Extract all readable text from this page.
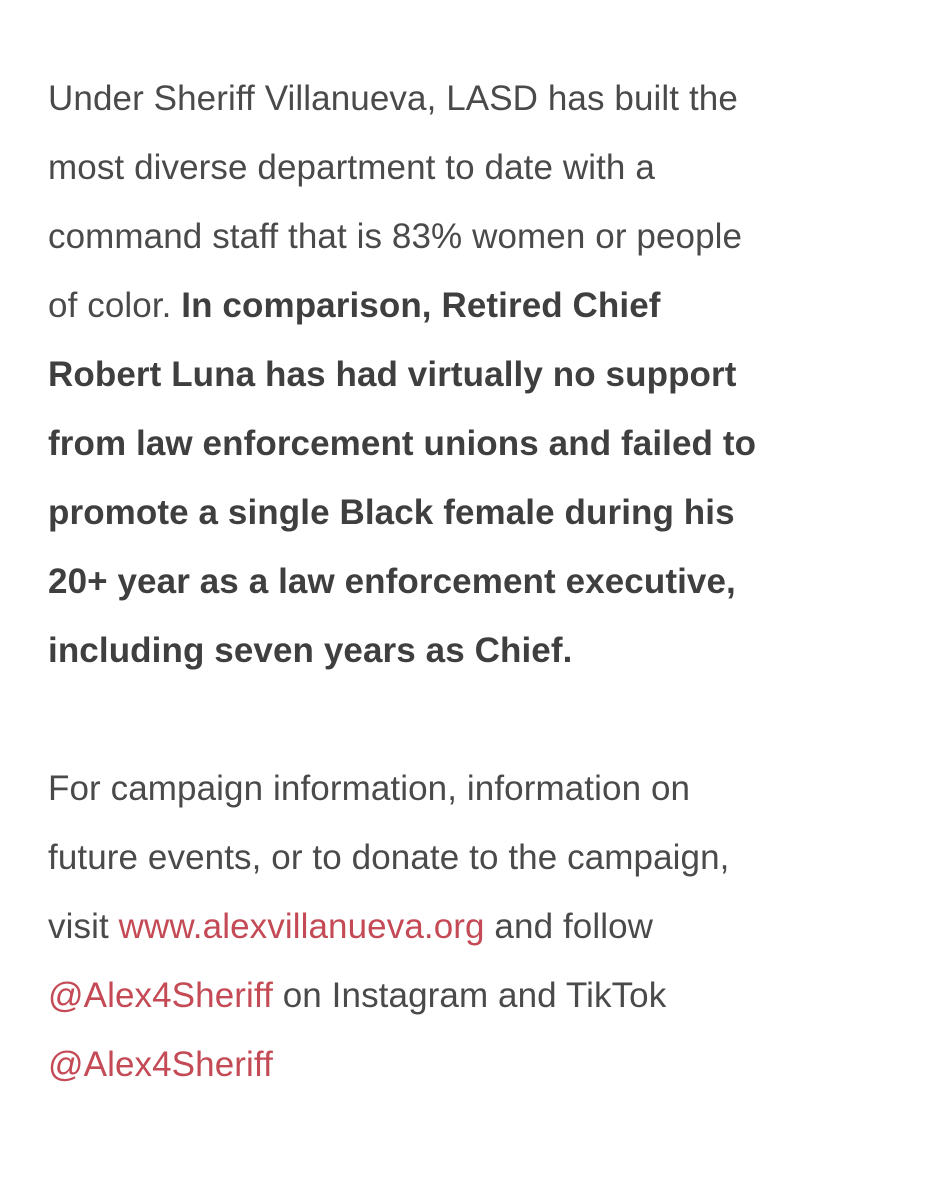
Under Sheriff Villanueva, LASD has built the
most diverse department to date with a
command staff that is 83% women or people
of color. In comparison, Retired Chief
Robert Luna has had virtually no support
from law enforcement unions and failed to
promote a single Black female during his
20+ year as a law enforcement executive,
including seven years as Chief.

For campaign information, information on
future events, or to donate to the campaign,
visit www.alexvillanueva.org and follow
@Alex4Sheriff on Instagram and TikTok
@Alex4Sheriff
